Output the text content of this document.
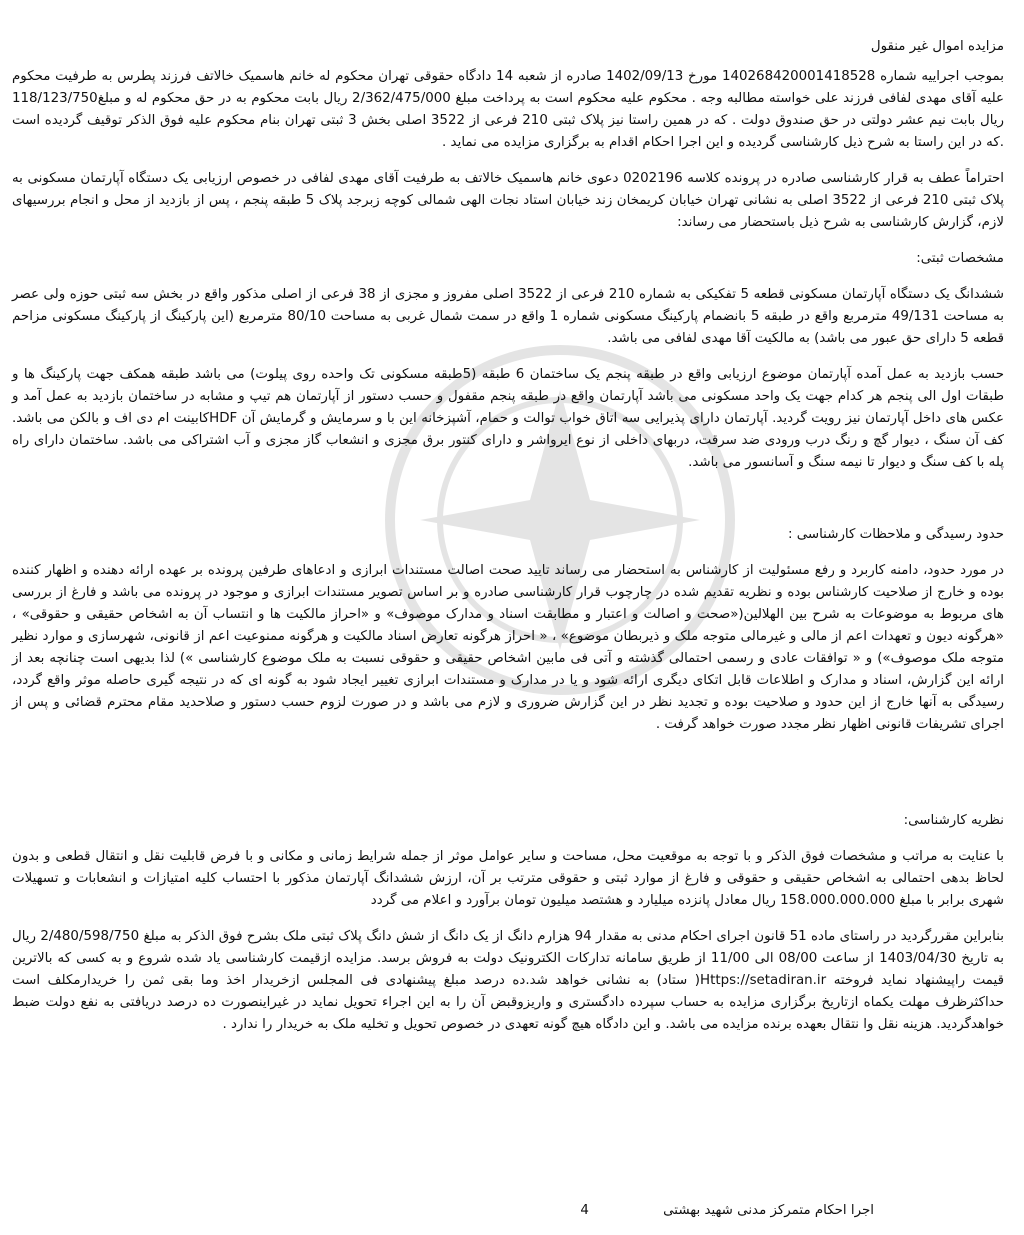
مزایده اموال غیر منقول

بموجب اجراییه شماره 140268420001418528 مورخ 1402/09/13 صادره از شعبه 14 دادگاه حقوقی تهران محکوم له خانم هاسمیک خالاتف فرزند پطرس به طرفیت محکوم علیه آقای مهدی لفافی فرزند علی خواسته مطالبه وجه . محکوم علیه محکوم است به پرداخت مبلغ 2/362/475/000 ریال بابت محکوم به در حق محکوم له و مبلغ118/123/750 ریال بابت نیم عشر دولتی در حق صندوق دولت . که در همین راستا نیز پلاک ثبتی 210 فرعی از 3522 اصلی بخش 3 ثبتی تهران بنام محکوم علیه فوق الذکر توقیف گردیده است .که در این راستا به شرح ذیل کارشناسی گردیده و این اجرا احکام اقدام به برگزاری مزایده می نماید .

احتراماً عطف به قرار کارشناسی صادره در پرونده کلاسه 0202196 دعوی خانم هاسمیک خالاتف به طرفیت آقای مهدی لفافی در خصوص ارزیابی یک دستگاه آپارتمان مسکونی به پلاک ثبتی 210 فرعی از 3522 اصلی به نشانی تهران خیابان کریمخان زند خیابان استاد نجات الهی شمالی کوچه زبرجد پلاک 5 طبقه پنجم ، پس از بازدید از محل و انجام بررسیهای لازم، گزارش کارشناسی به شرح ذیل باستحضار می رساند:

مشخصات ثبتی:

ششدانگ یک دستگاه آپارتمان مسکونی قطعه 5 تفکیکی به شماره 210 فرعی از 3522 اصلی مفروز و مجزی از 38 فرعی از اصلی مذکور واقع در بخش سه ثبتی حوزه ولی عصر به مساحت 49/131 مترمربع واقع در طبقه 5 بانضمام پارکینگ مسکونی شماره 1 واقع در سمت شمال غربی به مساحت 80/10 مترمربع (این پارکینگ از پارکینگ مسکونی مزاحم قطعه 5 دارای حق عبور می باشد) به مالکیت آقا مهدی لفافی می باشد.

حسب بازدید به عمل آمده آپارتمان موضوع ارزیابی واقع در طبقه پنجم یک ساختمان 6 طبقه (5طبقه مسکونی تک واحده روی پیلوت) می باشد طبقه همکف جهت پارکینگ ها و طبقات اول الی پنجم هر کدام جهت یک واحد مسکونی می باشد آپارتمان واقع در طبقه پنجم مقفول و حسب دستور از آپارتمان هم تیپ و مشابه در ساختمان بازدید به عمل آمد و عکس های داخل آپارتمان نیز رویت گردید. آپارتمان دارای پذیرایی سه اتاق خواب توالت و حمام، آشپزخانه این با و سرمایش و گرمایش آن HDFکابینت ام دی اف و بالکن می باشد. کف آن سنگ ، دیوار گچ و رنگ درب ورودی ضد سرقت، دربهای داخلی از نوع ایرواشر و دارای کنتور برق مجزی و انشعاب گاز مجزی و آب اشتراکی می باشد. ساختمان دارای راه پله با کف سنگ و دیوار تا نیمه سنگ و آسانسور می باشد.

حدود رسیدگی و ملاحظات کارشناسی :

در مورد حدود، دامنه کاربرد و رفع مسئولیت از کارشناس به استحضار می رساند تایید صحت اصالت مستندات ابرازی و ادعاهای طرفین پرونده بر عهده ارائه دهنده و اظهار کننده بوده و خارج از صلاحیت کارشناس بوده و نظریه تقدیم شده در چارچوب قرار کارشناسی صادره و بر اساس تصویر مستندات ابرازی و موجود در پرونده می باشد و فارغ از بررسی های مربوط به موضوعات به شرح بین الهلالین(«صحت و اصالت و اعتبار و مطابقت اسناد و مدارک موصوف» و «احراز مالکیت ها و انتساب آن به اشخاص حقیقی و حقوقی» ، «هرگونه دیون و تعهدات اعم از مالی و غیرمالی متوجه ملک و ذیربطان موضوع» ، « احراز هرگونه تعارض اسناد مالکیت و هرگونه ممنوعیت اعم از قانونی، شهرسازی و موارد نظیر متوجه ملک موصوف») و « توافقات عادی و رسمی احتمالی گذشته و آتی فی مابین اشخاص حقیقی و حقوقی نسبت به ملک موضوع کارشناسی ») لذا بدیهی است چنانچه بعد از ارائه این گزارش، اسناد و مدارک و اطلاعات قابل اتکای دیگری ارائه شود و یا در مدارک و مستندات ابرازی تغییر ایجاد شود به گونه ای که در نتیجه گیری حاصله موثر واقع گردد، رسیدگی به آنها خارج از این حدود و صلاحیت بوده و تجدید نظر در این گزارش ضروری و لازم می باشد و در صورت لزوم حسب دستور و صلاحدید مقام محترم قضائی و پس از اجرای تشریفات قانونی اظهار نظر مجدد صورت خواهد گرفت .

نظریه کارشناسی:

با عنایت به مراتب و مشخصات فوق الذکر و با توجه به موقعیت محل، مساحت و سایر عوامل موثر از جمله شرایط زمانی و مکانی و با فرض قابلیت نقل و انتقال قطعی و بدون لحاظ بدهی احتمالی به اشخاص حقیقی و حقوقی و فارغ از موارد ثبتی و حقوقی مترتب بر آن، ارزش ششدانگ آپارتمان مذکور با احتساب کلیه امتیازات و انشعابات و تسهیلات شهری برابر با مبلغ 158.000.000.000 ریال معادل پانزده میلیارد و هشتصد میلیون تومان برآورد و اعلام می گردد

بنابراین مقررگردید در راستای ماده 51 قانون اجرای احکام مدنی به مقدار 94 هزارم دانگ از یک دانگ از شش دانگ پلاک ثبتی ملک بشرح فوق الذکر به مبلغ 2/480/598/750 ریال به تاریخ 1403/04/30 از ساعت 08/00 الی 11/00 از طریق سامانه تدارکات الکترونیک دولت به فروش برسد. مزایده ازقیمت کارشناسی یاد شده شروع و به کسی که بالاترین قیمت راپیشنهاد نماید فروخته Https://setadiran.ir( ستاد) به نشانی خواهد شد.ده درصد مبلغ پیشنهادی فی المجلس ازخریدار اخذ وما بقی ثمن را خریدارمکلف است حداکثرظرف مهلت یکماه ازتاریخ برگزاری مزایده به حساب سپرده دادگستری و واریزوقبض آن را به این اجراء تحویل نماید در غیراینصورت ده درصد دریافتی به نفع دولت ضبط خواهدگردید. هزینه نقل وا نتقال بعهده برنده مزایده می باشد. و این دادگاه هیچ گونه تعهدی در خصوص تحویل و تخلیه ملک به خریدار را ندارد .

اجرا احکام متمرکز مدنی شهید بهشتی 4
